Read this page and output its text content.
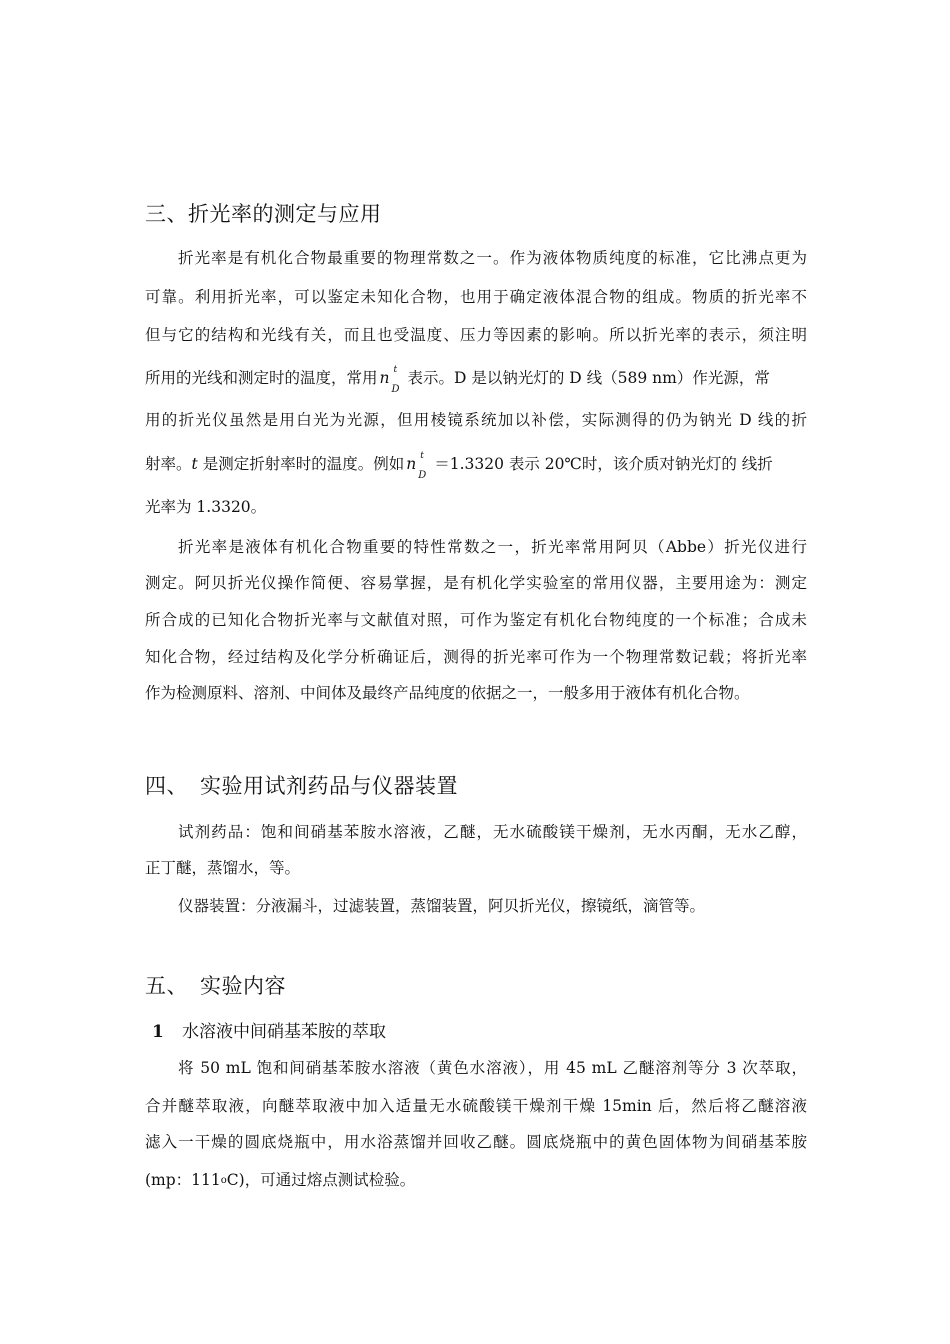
三、折光率的测定与应用
折光率是有机化合物最重要的物理常数之一。作为液体物质纯度的标准，它比沸点更为
可靠。利用折光率，可以鉴定未知化合物，也用于确定液体混合物的组成。物质的折光率不
但与它的结构和光线有关，而且也受温度、压力等因素的影响。所以折光率的表示，须注明
所用的光线和测定时的温度，常用 n t
D
表示。D 是以钠光灯的 D 线（589 nm）作光源，常
用的折光仪虽然是用白光为光源，但用棱镜系统加以补偿，实际测得的仍为钠光 D 线的折
射率。t 是测定折射率时的温度。例如 n t
D
＝1.3320 表示 20℃时，该介质对钠光灯的 线折
光率为 1.3320。
折光率是液体有机化合物重要的特性常数之一，折光率常用阿贝（Abbe）折光仪进行
测定。阿贝折光仪操作简便、容易掌握，是有机化学实验室的常用仪器，主要用途为：测定
所合成的已知化合物折光率与文献值对照，可作为鉴定有机化台物纯度的一个标准；合成未
知化合物，经过结构及化学分析确证后，测得的折光率可作为一个物理常数记载；将折光率
作为检测原料、溶剂、中间体及最终产品纯度的依据之一，一般多用于液体有机化合物。
四、 实验用试剂药品与仪器装置
试剂药品：饱和间硝基苯胺水溶液，乙醚，无水硫酸镁干燥剂，无水丙酮，无水乙醇，
正丁醚，蒸馏水，等。
仪器装置：分液漏斗，过滤装置，蒸馏装置，阿贝折光仪，擦镜纸，滴管等。
五、 实验内容
1 水溶液中间硝基苯胺的萃取
将 50 mL 饱和间硝基苯胺水溶液（黄色水溶液），用 45 mL 乙醚溶剂等分 3 次萃取，
合并醚萃取液，向醚萃取液中加入适量无水硫酸镁干燥剂干燥 15min 后，然后将乙醚溶液
滤入一干燥的圆底烧瓶中，用水浴蒸馏并回收乙醚。圆底烧瓶中的黄色固体物为间硝基苯胺
(mp：111oC)，可通过熔点测试检验。
